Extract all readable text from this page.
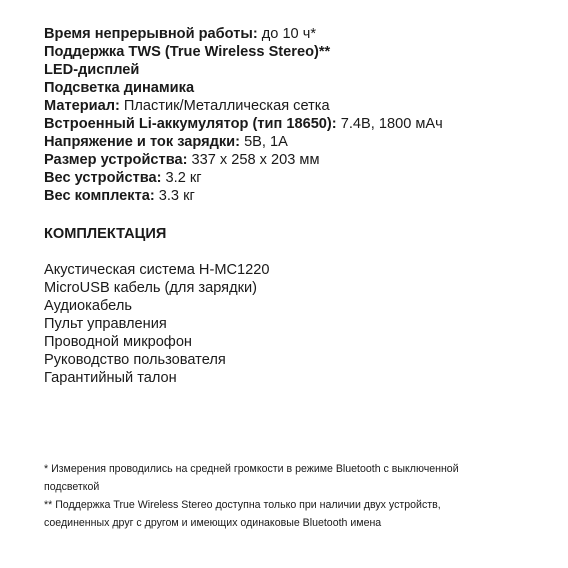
Время непрерывной работы: до 10 ч*
Поддержка TWS (True Wireless Stereo)**
LED-дисплей
Подсветка динамика
Материал: Пластик/Металлическая сетка
Встроенный Li-аккумулятор (тип 18650): 7.4В, 1800 мАч
Напряжение и ток зарядки: 5В, 1А
Размер устройства: 337 х 258 х 203 мм
Вес устройства: 3.2 кг
Вес комплекта: 3.3 кг
КОМПЛЕКТАЦИЯ
Акустическая система H-MC1220
MicroUSB кабель (для зарядки)
Аудиокабель
Пульт управления
Проводной микрофон
Руководство пользователя
Гарантийный талон
* Измерения проводились на средней громкости в режиме Bluetooth с выключенной
подсветкой
** Поддержка True Wireless Stereo доступна только при наличии двух устройств,
соединенных друг с другом и имеющих одинаковые Bluetooth имена
